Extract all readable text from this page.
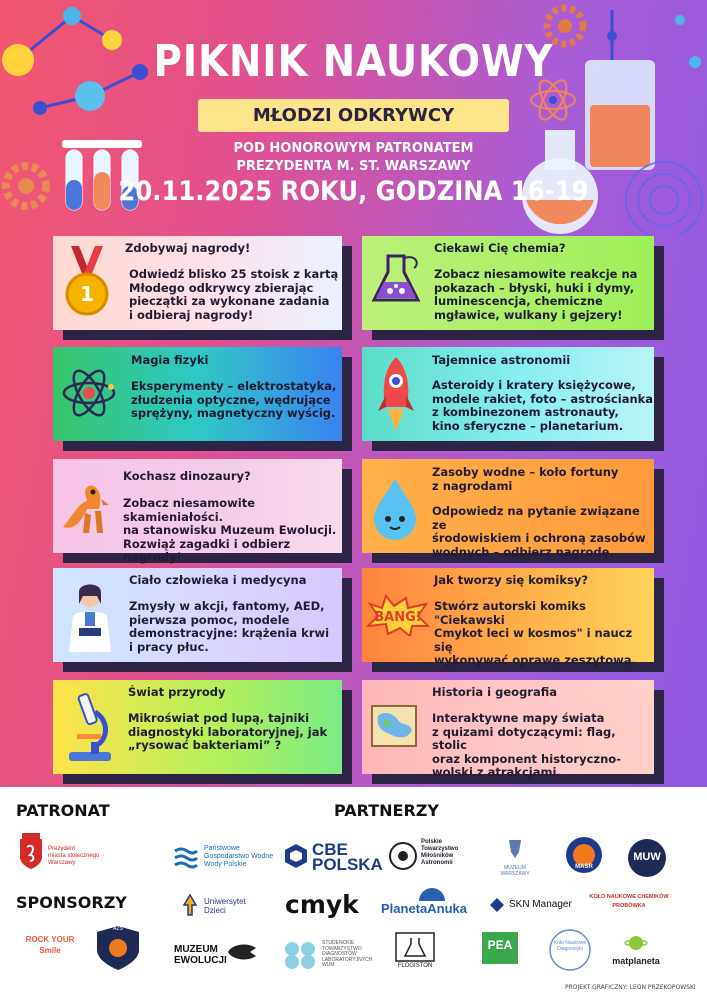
PIKNIK NAUKOWY
MŁODZI ODKRYWCY
POD HONOROWYM PATRONATEM
PREZYDENTA M. ST. WARSZAWY
20.11.2025 ROKU, GODZINA 16-19
1
Zdobywaj nagrody!
Odwiedź blisko 25 stoisk z kartą
Młodego odkrywcy zbierając
pieczątki za wykonane zadania
i odbieraj nagrody!
Ciekawi Cię chemia?
Zobacz niesamowite reakcje na
pokazach – błyski, huki i dymy,
luminescencja, chemiczne
mgławice, wulkany i gejzery!
Magia fizyki
Eksperymenty – elektrostatyka,
złudzenia optyczne, wędrujące
sprężyny, magnetyczny wyścig.
Tajemnice astronomii
Asteroidy i kratery księżycowe,
modele rakiet, foto – astrościanka
z kombinezonem astronauty,
kino sferyczne – planetarium.
Kochasz dinozaury?
Zobacz niesamowite skamieniałości.
na stanowisku Muzeum Ewolucji.
Rozwiąż zagadki i odbierz nagrody!
Zasoby wodne – koło fortuny
z nagrodami
Odpowiedz na pytanie związane ze
środowiskiem i ochroną zasobów
wodnych – odbierz nagrodę.
Ciało człowieka i medycyna
Zmysły w akcji, fantomy, AED,
pierwsza pomoc, modele
demonstracyjne: krążenia krwi
i pracy płuc.
BANG!
Jak tworzy się komiksy?
Stwórz autorski komiks "Ciekawski
Cmykot leci w kosmos" i naucz się
wykonywać oprawę zeszytową.
Świat przyrody
Mikroświat pod lupą, tajniki
diagnostyki laboratoryjnej, jak
„rysować bakteriami” ?
Historia i geografia
Interaktywne mapy świata
z quizami dotyczącymi: flag, stolic
oraz komponent historyczno-
wolski z atrakcjami.
PATRONAT	PARTNERZY
SPONSORZY
Prezydent
miasta stołecznego
Warszawy
Państwowe
Gospodarstwo Wodne
Wody Polskie
CBE
POLSKA
Polskie
Towarzystwo
Miłośników
Astronomii
MUZEUM
WARSZAWY
MASR
MUW
Uniwersytet
Dzieci	cmyk PlanetaAnuka	SKN Manager
KOŁO NAUKOWE CHEMIKÓW
PROBÓWKA
MUZEUM
EWOLUCJI
STUDENCKIE
TOWARZYSTWO
DIAGNOSTÓW
LABORATORYJNYCH
WUM	FLOGISTON
PEA	Koło Naukowe
Diagnostyki
matplaneta
ROCK YOUR
Smile
AZS
PROJEKT GRAFICZNY: LEON PRZEKOPOWSKI
